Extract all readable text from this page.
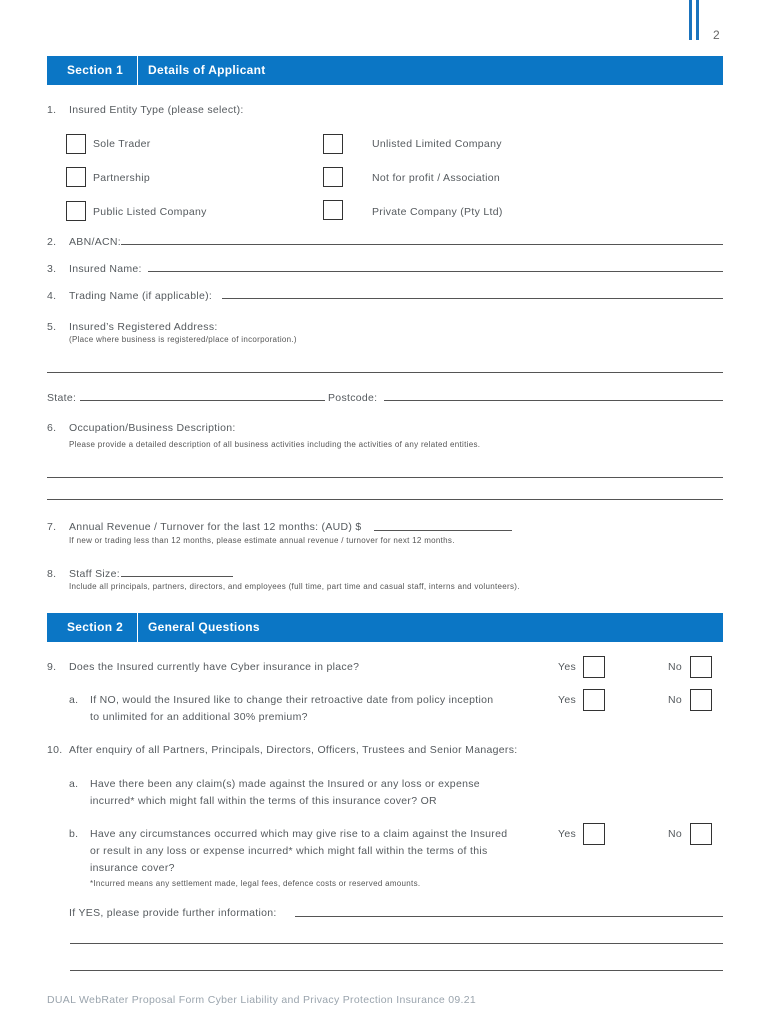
2
Section 1 Details of Applicant
1. Insured Entity Type (please select):
Sole Trader	Unlisted Limited Company
Partnership	Not for profit / Association
Public Listed Company	Private Company (Pty Ltd)
2. ABN/ACN:
3. Insured Name:
4. Trading Name (if applicable):
5. Insured’s Registered Address:
(Place where business is registered/place of incorporation.)
State:	Postcode:
6. Occupation/Business Description:
Please provide a detailed description of all business activities including the activities of any related entities.
7. Annual Revenue / Turnover for the last 12 months: (AUD) $
If new or trading less than 12 months, please estimate annual revenue / turnover for next 12 months.
8. Staff Size:
Include all principals, partners, directors, and employees (full time, part time and casual staff, interns and volunteers).
Section 2 General Questions
9. Does the Insured currently have Cyber insurance in place?	Yes	No
a. If NO, would the Insured like to change their retroactive date from policy inception
to unlimited for an additional 30% premium?
Yes	No
10. After enquiry of all Partners, Principals, Directors, Officers, Trustees and Senior Managers:
a. Have there been any claim(s) made against the Insured or any loss or expense
incurred* which might fall within the terms of this insurance cover? OR
b. Have any circumstances occurred which may give rise to a claim against the Insured
or result in any loss or expense incurred* which might fall within the terms of this
insurance cover?
Yes	No
*Incurred means any settlement made, legal fees, defence costs or reserved amounts.
If YES, please provide further information:
DUAL WebRater Proposal Form Cyber Liability and Privacy Protection Insurance 09.21
